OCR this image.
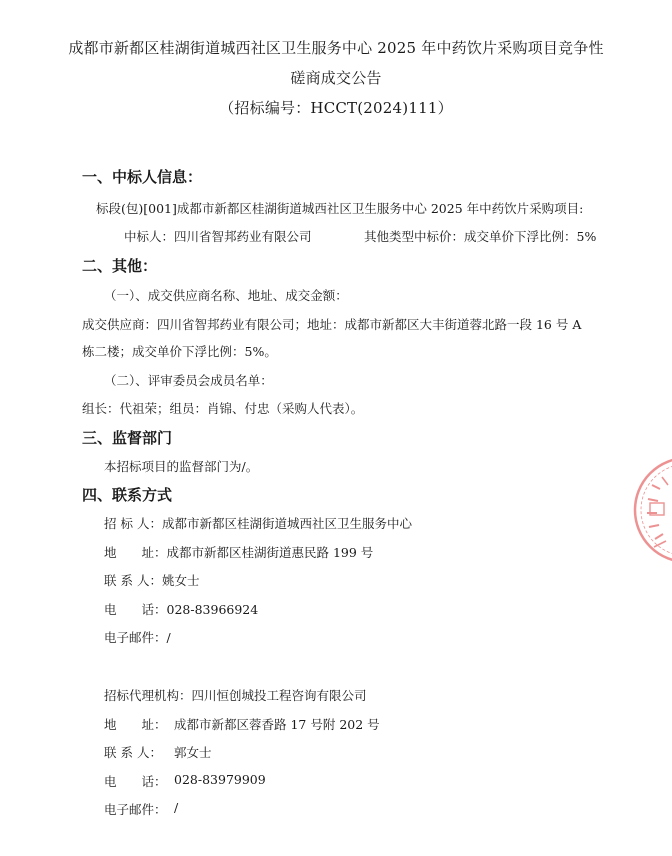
成都市新都区桂湖街道城西社区卫生服务中心 2025 年中药饮片采购项目竞争性
磋商成交公告
（招标编号：HCCT(2024)111）
一、中标人信息：
标段(包)[001]成都市新都区桂湖街道城西社区卫生服务中心 2025 年中药饮片采购项目:
中标人：四川省智邦药业有限公司	其他类型中标价：成交单价下浮比例：5%
二、其他：
（一）、成交供应商名称、地址、成交金额：
成交供应商：四川省智邦药业有限公司；地址：成都市新都区大丰街道蓉北路一段 16 号 A
栋二楼；成交单价下浮比例：5%。
（二）、评审委员会成员名单：
组长：代祖荣；组员：肖锦、付忠（采购人代表）。
三、监督部门
本招标项目的监督部门为/。
四、联系方式
招 标 人：成都市新都区桂湖街道城西社区卫生服务中心
地　　址：成都市新都区桂湖街道惠民路 199 号
联 系 人：姚女士
电　　话：028-83966924
电子邮件：/
招标代理机构：四川恒创城投工程咨询有限公司
地　　址： 成都市新都区蓉香路 17 号附 202 号
联 系 人： 郭女士
电　　话： 028-83979909
电子邮件： /
